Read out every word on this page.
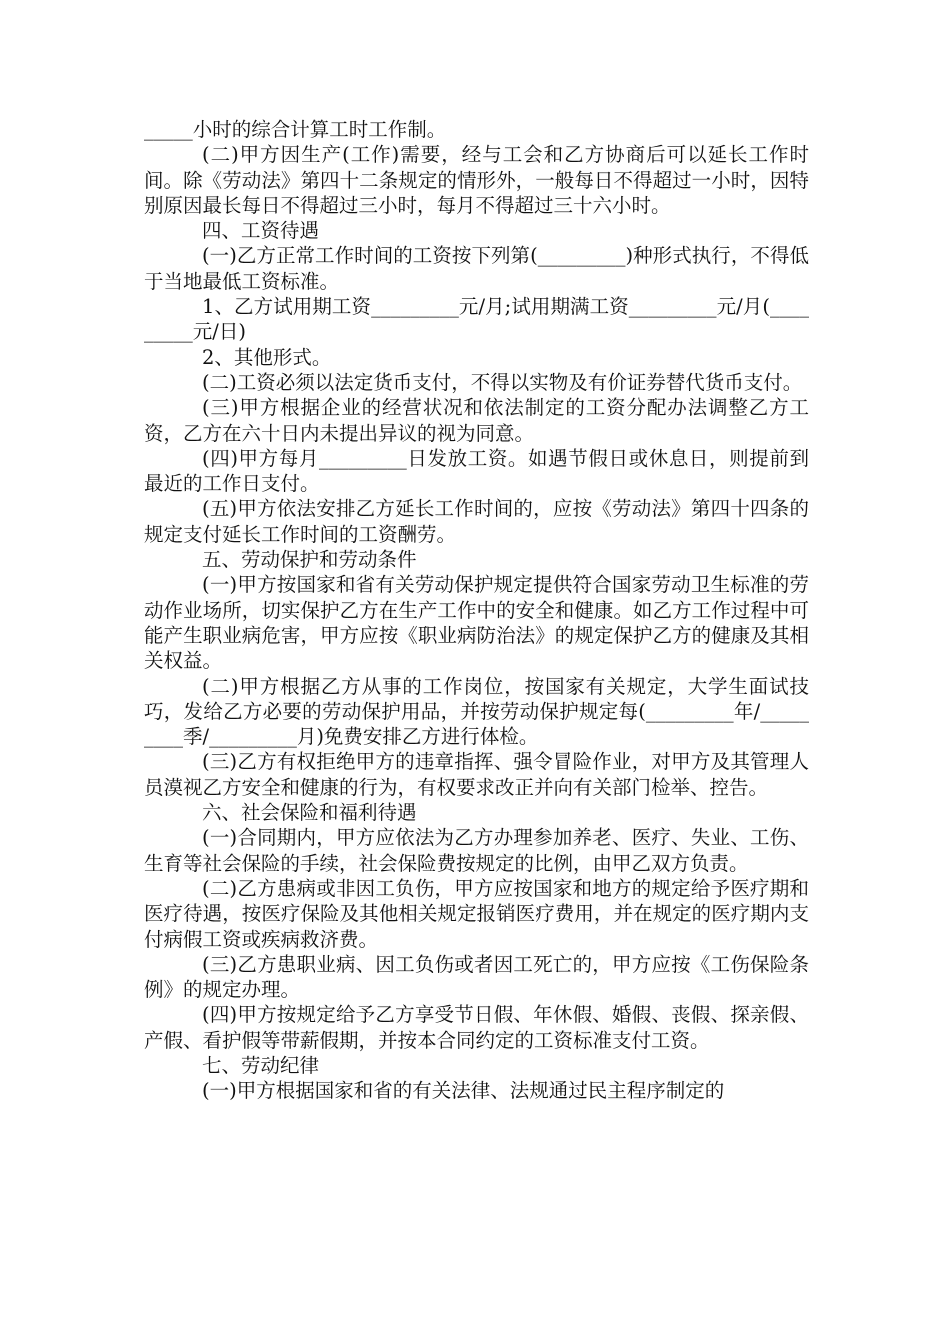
_____小时的综合计算工时工作制。

(二)甲方因生产(工作)需要，经与工会和乙方协商后可以延长工作时间。除《劳动法》第四十二条规定的情形外，一般每日不得超过一小时，因特别原因最长每日不得超过三小时，每月不得超过三十六小时。

四、工资待遇

(一)乙方正常工作时间的工资按下列第(_________)种形式执行，不得低于当地最低工资标准。

1、乙方试用期工资_________元/月;试用期满工资_________元/月(_________元/日)

2、其他形式。

(二)工资必须以法定货币支付，不得以实物及有价证券替代货币支付。

(三)甲方根据企业的经营状况和依法制定的工资分配办法调整乙方工资，乙方在六十日内未提出异议的视为同意。

(四)甲方每月_________日发放工资。如遇节假日或休息日，则提前到最近的工作日支付。

(五)甲方依法安排乙方延长工作时间的，应按《劳动法》第四十四条的规定支付延长工作时间的工资酬劳。

五、劳动保护和劳动条件

(一)甲方按国家和省有关劳动保护规定提供符合国家劳动卫生标准的劳动作业场所，切实保护乙方在生产工作中的安全和健康。如乙方工作过程中可能产生职业病危害，甲方应按《职业病防治法》的规定保护乙方的健康及其相关权益。

(二)甲方根据乙方从事的工作岗位，按国家有关规定，大学生面试技巧，发给乙方必要的劳动保护用品，并按劳动保护规定每(_________年/_________季/_________月)免费安排乙方进行体检。

(三)乙方有权拒绝甲方的违章指挥、强令冒险作业，对甲方及其管理人员漠视乙方安全和健康的行为，有权要求改正并向有关部门检举、控告。

六、社会保险和福利待遇

(一)合同期内，甲方应依法为乙方办理参加养老、医疗、失业、工伤、生育等社会保险的手续，社会保险费按规定的比例，由甲乙双方负责。

(二)乙方患病或非因工负伤，甲方应按国家和地方的规定给予医疗期和医疗待遇，按医疗保险及其他相关规定报销医疗费用，并在规定的医疗期内支付病假工资或疾病救济费。

(三)乙方患职业病、因工负伤或者因工死亡的，甲方应按《工伤保险条例》的规定办理。

(四)甲方按规定给予乙方享受节日假、年休假、婚假、丧假、探亲假、产假、看护假等带薪假期，并按本合同约定的工资标准支付工资。

七、劳动纪律

(一)甲方根据国家和省的有关法律、法规通过民主程序制定的
